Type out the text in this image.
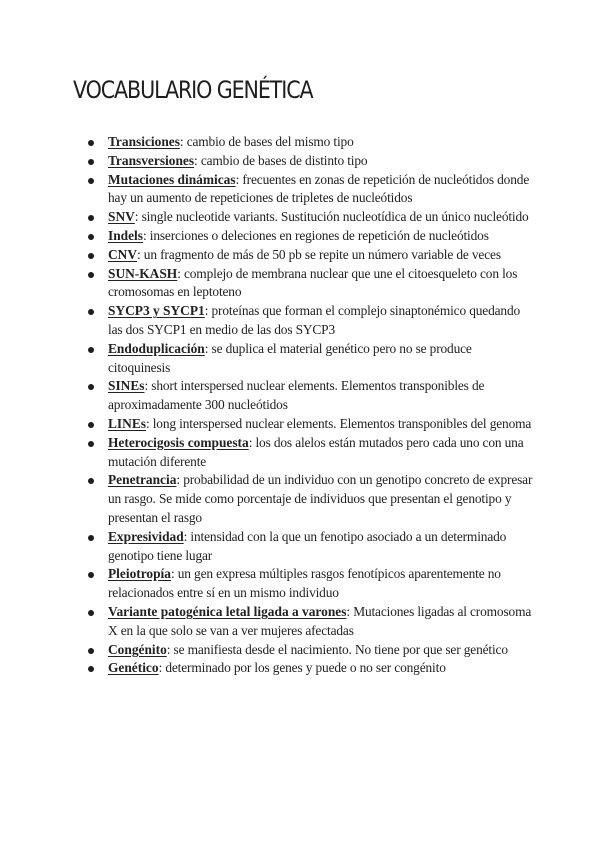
VOCABULARIO GENÉTICA
Transiciones: cambio de bases del mismo tipo
Transversiones: cambio de bases de distinto tipo
Mutaciones dinámicas: frecuentes en zonas de repetición de nucleótidos donde hay un aumento de repeticiones de tripletes de nucleótidos
SNV: single nucleotide variants. Sustitución nucleotídica de un único nucleótido
Indels: inserciones o deleciones en regiones de repetición de nucleótidos
CNV: un fragmento de más de 50 pb se repite un número variable de veces
SUN-KASH: complejo de membrana nuclear que une el citoesqueleto con los cromosomas en leptoteno
SYCP3 y SYCP1: proteínas que forman el complejo sinaptonémico quedando las dos SYCP1 en medio de las dos SYCP3
Endoduplicación: se duplica el material genético pero no se produce citoquinesis
SINEs: short interspersed nuclear elements. Elementos transponibles de aproximadamente 300 nucleótidos
LINEs: long interspersed nuclear elements. Elementos transponibles del genoma
Heterocigosis compuesta: los dos alelos están mutados pero cada uno con una mutación diferente
Penetrancia: probabilidad de un individuo con un genotipo concreto de expresar un rasgo. Se mide como porcentaje de individuos que presentan el genotipo y presentan el rasgo
Expresividad: intensidad con la que un fenotipo asociado a un determinado genotipo tiene lugar
Pleiotropía: un gen expresa múltiples rasgos fenotípicos aparentemente no relacionados entre sí en un mismo individuo
Variante patogénica letal ligada a varones: Mutaciones ligadas al cromosoma X en la que solo se van a ver mujeres afectadas
Congénito: se manifiesta desde el nacimiento. No tiene por que ser genético
Genético: determinado por los genes y puede o no ser congénito
